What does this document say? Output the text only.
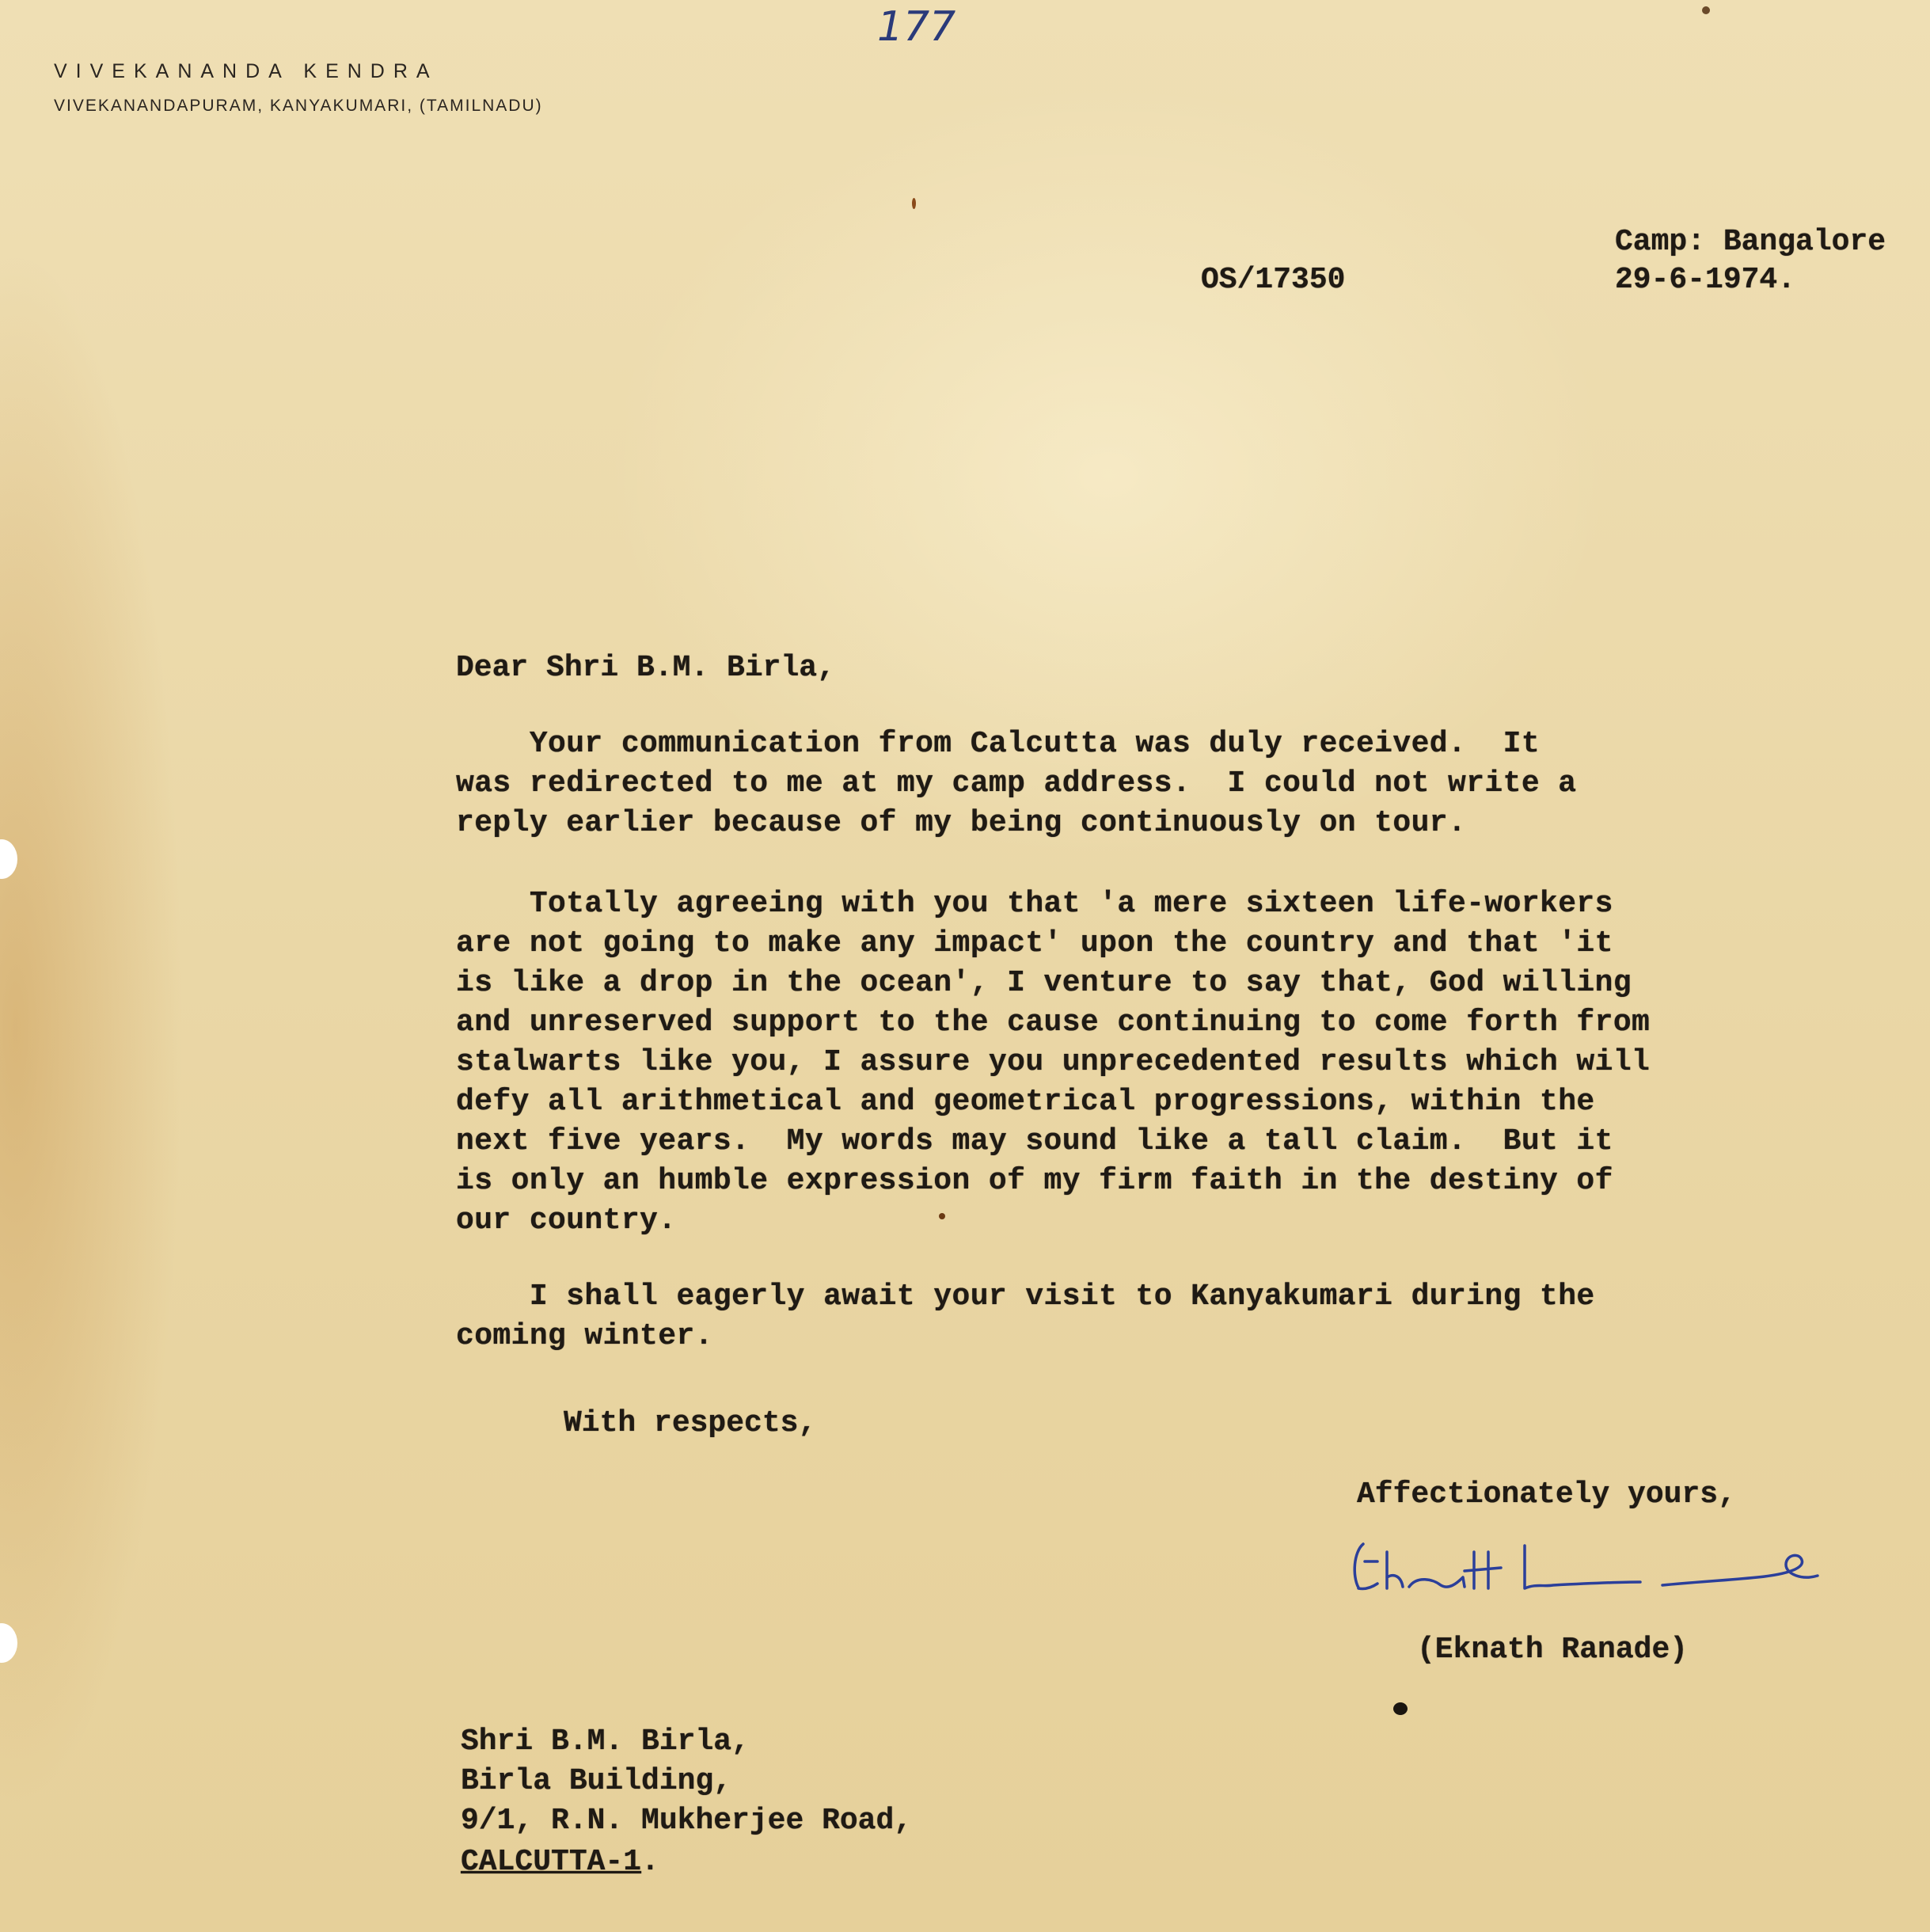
VIVEKANANDA KENDRA
VIVEKANANDAPURAM, KANYAKUMARI, (TAMILNADU)
177
OS/17350
Camp: Bangalore
29-6-1974.
Dear Shri B.M. Birla,
Your communication from Calcutta was duly received.  It
was redirected to me at my camp address.  I could not write a
reply earlier because of my being continuously on tour.
Totally agreeing with you that 'a mere sixteen life-workers
are not going to make any impact' upon the country and that 'it
is like a drop in the ocean', I venture to say that, God willing
and unreserved support to the cause continuing to come forth from
stalwarts like you, I assure you unprecedented results which will
defy all arithmetical and geometrical progressions, within the
next five years.  My words may sound like a tall claim.  But it
is only an humble expression of my firm faith in the destiny of
our country.
I shall eagerly await your visit to Kanyakumari during the
coming winter.
With respects,
Affectionately yours,
(Eknath Ranade)
Shri B.M. Birla,
Birla Building,
9/1, R.N. Mukherjee Road,
CALCUTTA-1.
